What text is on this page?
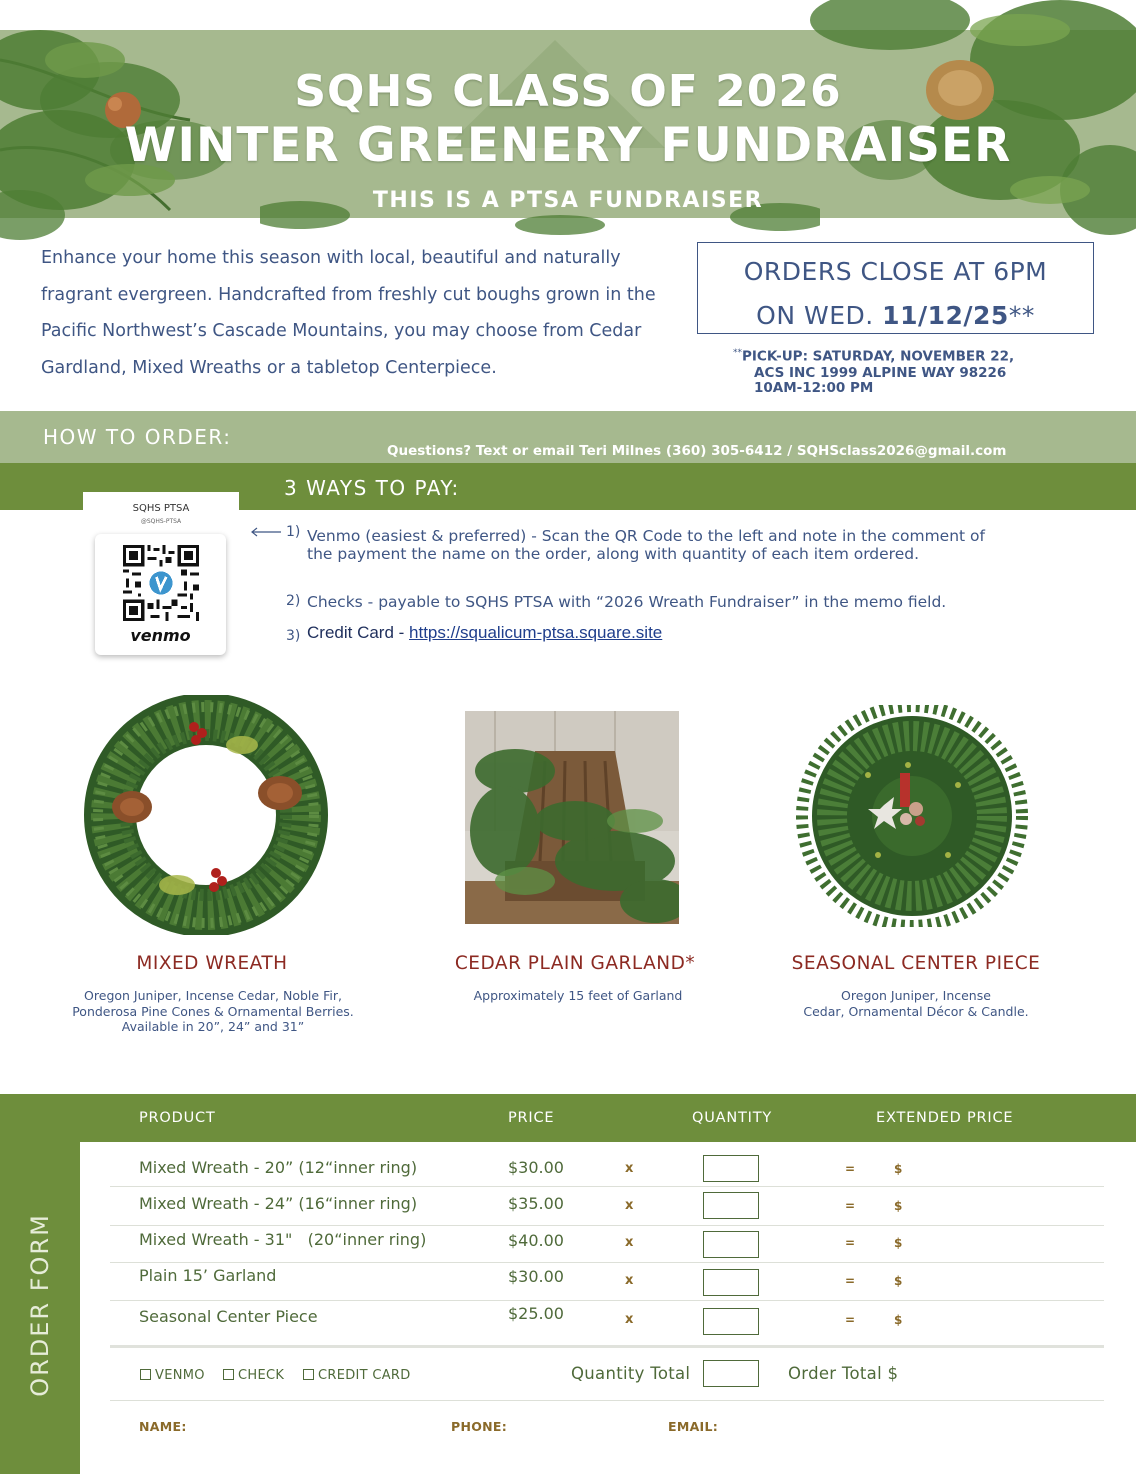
SQHS CLASS OF 2026
WINTER GREENERY FUNDRAISER
THIS IS A PTSA FUNDRAISER
Enhance your home this season with local, beautiful and naturally fragrant evergreen. Handcrafted from freshly cut boughs grown in the Pacific Northwest’s Cascade Mountains, you may choose from Cedar Gardland, Mixed Wreaths or a tabletop Centerpiece.
ORDERS CLOSE AT 6PM
ON WED. 11/12/25**
**PICK-UP: SATURDAY, NOVEMBER 22,
ACS INC 1999 ALPINE WAY 98226
10AM-12:00 PM
HOW TO ORDER:
Questions? Text or email Teri Milnes (360) 305-6412 / SQHSclass2026@gmail.com
3 WAYS TO PAY:
SQHS PTSA
@SQHS-PTSA
venmo
1) Venmo (easiest & preferred) - Scan the QR Code to the left and note in the comment of the payment the name on the order, along with quantity of each item ordered.
2) Checks - payable to SQHS PTSA with “2026 Wreath Fundraiser” in the memo field.
3) Credit Card - https://squalicum-ptsa.square.site
MIXED WREATH	CEDAR PLAIN GARLAND*	SEASONAL CENTER PIECE
Oregon Juniper, Incense Cedar, Noble Fir,
Ponderosa Pine Cones & Ornamental Berries.
Available in 20”, 24” and 31”
Approximately 15 feet of Garland	Oregon Juniper, Incense
Cedar, Ornamental Décor & Candle.
ORDER FORM
PRODUCT	PRICE	QUANTITY	EXTENDED PRICE
Mixed Wreath - 20” (12“inner ring)	$30.00	x	=	$
Mixed Wreath - 24” (16“inner ring)	$35.00	x	=	$
Mixed Wreath - 31"   (20“inner ring)	$40.00	x	=	$
Plain 15’ Garland	$30.00	x	=	$
Seasonal Center Piece	$25.00	x	=	$
VENMO	CHECK	CREDIT CARD	Quantity Total	Order Total $
NAME:	PHONE:	EMAIL:
